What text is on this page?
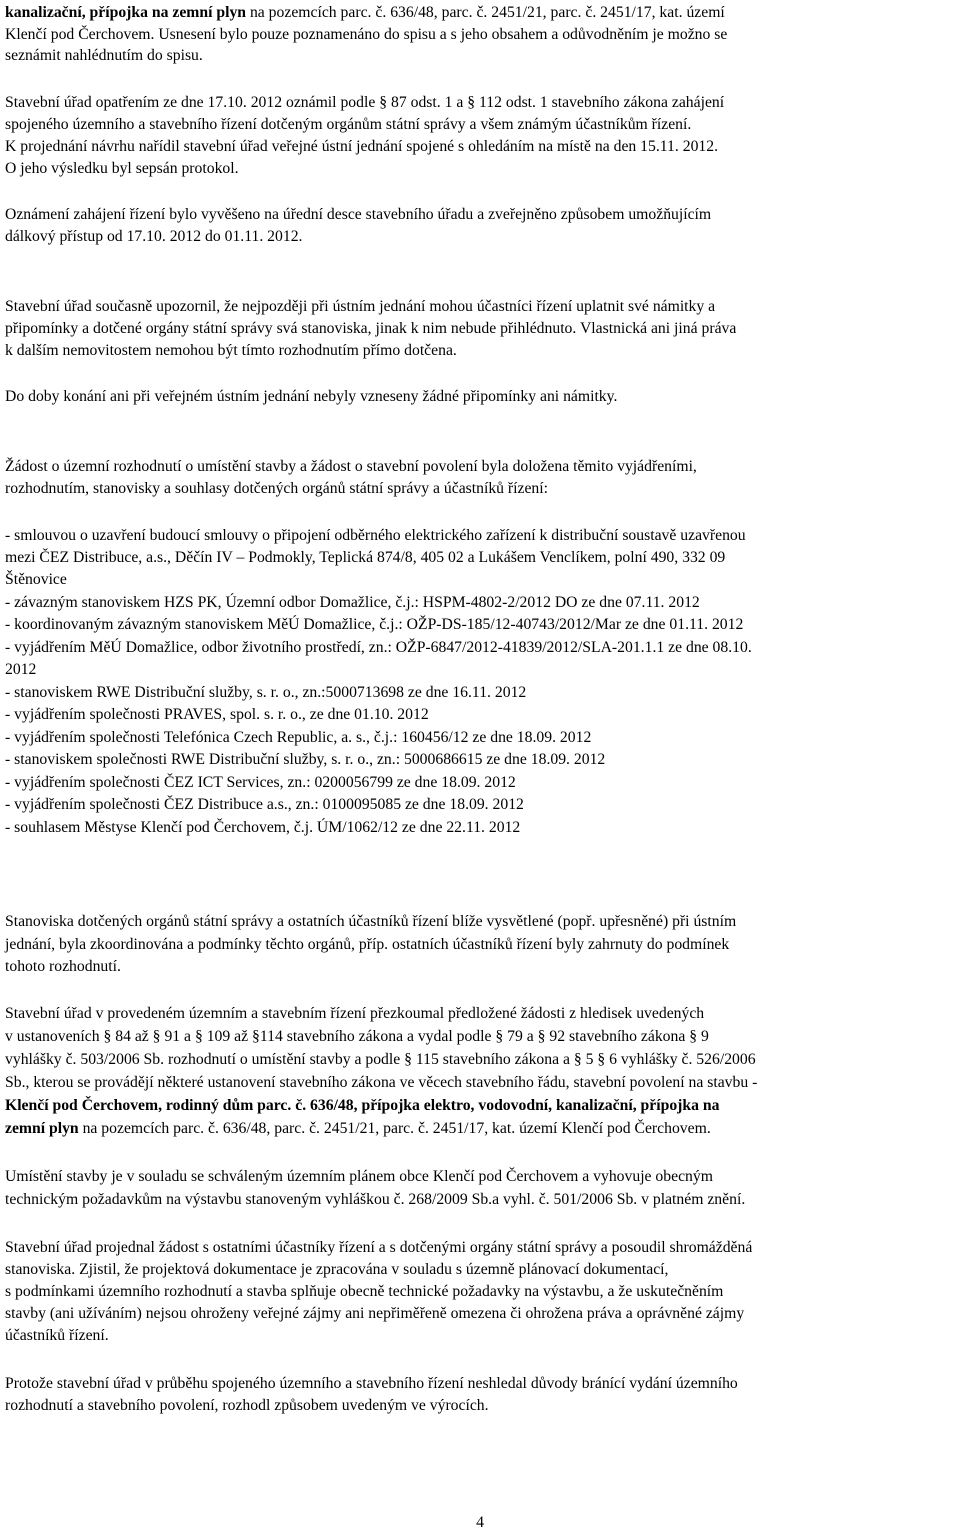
kanalizační, přípojka na zemní plyn na pozemcích parc. č. 636/48, parc. č. 2451/21, parc. č. 2451/17, kat. území
Klenčí pod Čerchovem. Usnesení bylo pouze poznamenáno do spisu a s jeho obsahem a odůvodněním je možno se
seznámit nahlédnutím do spisu.
Stavební úřad opatřením ze dne 17.10. 2012 oznámil podle § 87 odst. 1 a § 112 odst. 1 stavebního zákona zahájení
spojeného územního a stavebního řízení dotčeným orgánům státní správy a všem známým účastníkům řízení.
K projednání návrhu nařídil stavební úřad veřejné ústní jednání spojené s ohledáním na místě na den 15.11. 2012.
O jeho výsledku byl sepsán protokol.
Oznámení zahájení řízení bylo vyvěšeno na úřední desce stavebního úřadu a zveřejněno způsobem umožňujícím
dálkový přístup od 17.10. 2012 do 01.11. 2012.
Stavební úřad současně upozornil, že nejpozději při ústním jednání mohou účastníci řízení uplatnit své námitky a
připomínky a dotčené orgány státní správy svá stanoviska, jinak k nim nebude přihlédnuto. Vlastnická ani jiná práva
k dalším nemovitostem nemohou být tímto rozhodnutím přímo dotčena.
Do doby konání ani při veřejném ústním jednání nebyly vzneseny žádné připomínky ani námitky.
Žádost o územní rozhodnutí o umístění stavby a žádost o stavební povolení byla doložena těmito vyjádřeními,
rozhodnutím, stanovisky a souhlasy dotčených orgánů státní správy a účastníků řízení:
- smlouvou o uzavření budoucí smlouvy o připojení odběrného elektrického zařízení k distribuční soustavě uzavřenou
mezi ČEZ Distribuce, a.s., Děčín IV – Podmokly, Teplická 874/8, 405 02 a Lukášem Venclíkem, polní 490, 332 09
Štěnovice
- závazným stanoviskem HZS PK, Územní odbor Domažlice, č.j.: HSPM-4802-2/2012 DO ze dne 07.11. 2012
- koordinovaným závazným stanoviskem MěÚ Domažlice, č.j.: OŽP-DS-185/12-40743/2012/Mar ze dne 01.11. 2012
- vyjádřením MěÚ Domažlice, odbor životního prostředí, zn.: OŽP-6847/2012-41839/2012/SLA-201.1.1 ze dne 08.10.
2012
- stanoviskem RWE Distribuční služby, s. r. o., zn.:5000713698 ze dne 16.11. 2012
- vyjádřením společnosti PRAVES, spol. s. r. o., ze dne 01.10. 2012
- vyjádřením společnosti Telefónica Czech Republic, a. s., č.j.: 160456/12 ze dne 18.09. 2012
- stanoviskem společnosti RWE Distribuční služby, s. r. o., zn.: 5000686615 ze dne 18.09. 2012
- vyjádřením společnosti ČEZ ICT Services, zn.: 0200056799 ze dne 18.09. 2012
- vyjádřením společnosti ČEZ Distribuce a.s., zn.: 0100095085 ze dne 18.09. 2012
- souhlasem Městyse Klenčí pod Čerchovem, č.j. ÚM/1062/12 ze dne 22.11. 2012
Stanoviska dotčených orgánů státní správy a ostatních účastníků řízení blíže vysvětlené (popř. upřesněné) při ústním
jednání, byla zkoordinována a podmínky těchto orgánů, příp. ostatních účastníků řízení byly zahrnuty do podmínek
tohoto rozhodnutí.
Stavební úřad v provedeném územním a stavebním řízení přezkoumal předložené žádosti z hledisek uvedených
v ustanoveních § 84 až § 91 a § 109 až §114 stavebního zákona a vydal podle § 79 a § 92 stavebního zákona § 9
vyhlášky č. 503/2006 Sb. rozhodnutí o umístění stavby a podle § 115 stavebního zákona a § 5 § 6 vyhlášky č. 526/2006
Sb., kterou se provádějí některé ustanovení stavebního zákona ve věcech stavebního řádu, stavební povolení na stavbu -
Klenčí pod Čerchovem, rodinný dům parc. č. 636/48, přípojka elektro, vodovodní, kanalizační, přípojka na
zemní plyn na pozemcích parc. č. 636/48, parc. č. 2451/21, parc. č. 2451/17, kat. území Klenčí pod Čerchovem.
Umístění stavby je v souladu se schváleným územním plánem obce Klenčí pod Čerchovem a vyhovuje obecným
technickým požadavkům na výstavbu stanoveným vyhláškou č. 268/2009 Sb.a vyhl. č. 501/2006 Sb. v platném znění.
Stavební úřad projednal žádost s ostatními účastníky řízení a s dotčenými orgány státní správy a posoudil shromážděná
stanoviska. Zjistil, že projektová dokumentace je zpracována v souladu s územně plánovací dokumentací,
s podmínkami územního rozhodnutí a stavba splňuje obecně technické požadavky na výstavbu, a že uskutečněním
stavby (ani užíváním) nejsou ohroženy veřejné zájmy ani nepřiměřeně omezena či ohrožena práva a oprávněné zájmy
účastníků řízení.
Protože stavební úřad v průběhu spojeného územního a stavebního řízení neshledal důvody bránící vydání územního
rozhodnutí a stavebního povolení, rozhodl způsobem uvedeným ve výrocích.
4
